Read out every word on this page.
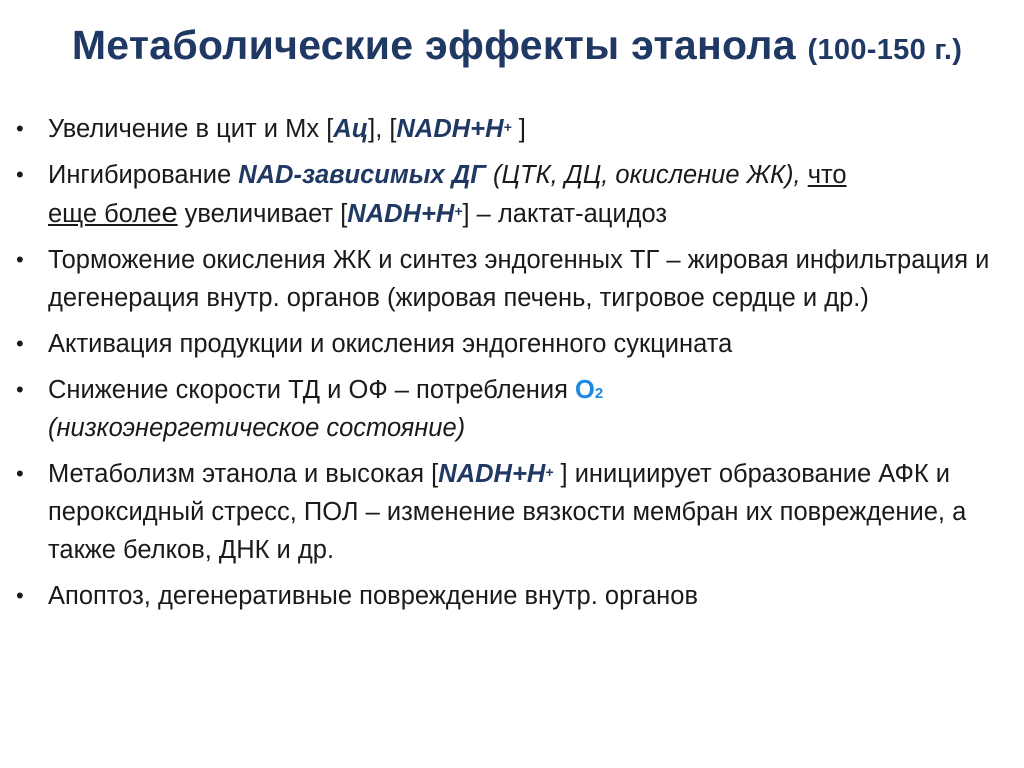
Метаболические эффекты этанола (100-150 г.)
• Увеличение в цит и Мх [Ац], [NADH+H+ ]
• Ингибирование NAD-зависимых ДГ (ЦТК, ДЦ, окисление ЖК), что
еще более увеличивает [NADH+H+] – лактат-ацидоз
• Торможение окисления ЖК и синтез эндогенных ТГ – жировая инфильтрация и дегенерация внутр. органов (жировая печень, тигровое сердце и др.)
• Активация продукции и окисления эндогенного сукцината
• Снижение скорости ТД и ОФ – потребления $O_2$
(низкоэнергетическое состояние)
• Метаболизм этанола и высокая [NADH+H+ ] инициирует образование АФК и пероксидный стресс, ПОЛ – изменение вязкости мембран их повреждение, а также белков, ДНК и др.
• Апоптоз, дегенеративные повреждение внутр. органов
